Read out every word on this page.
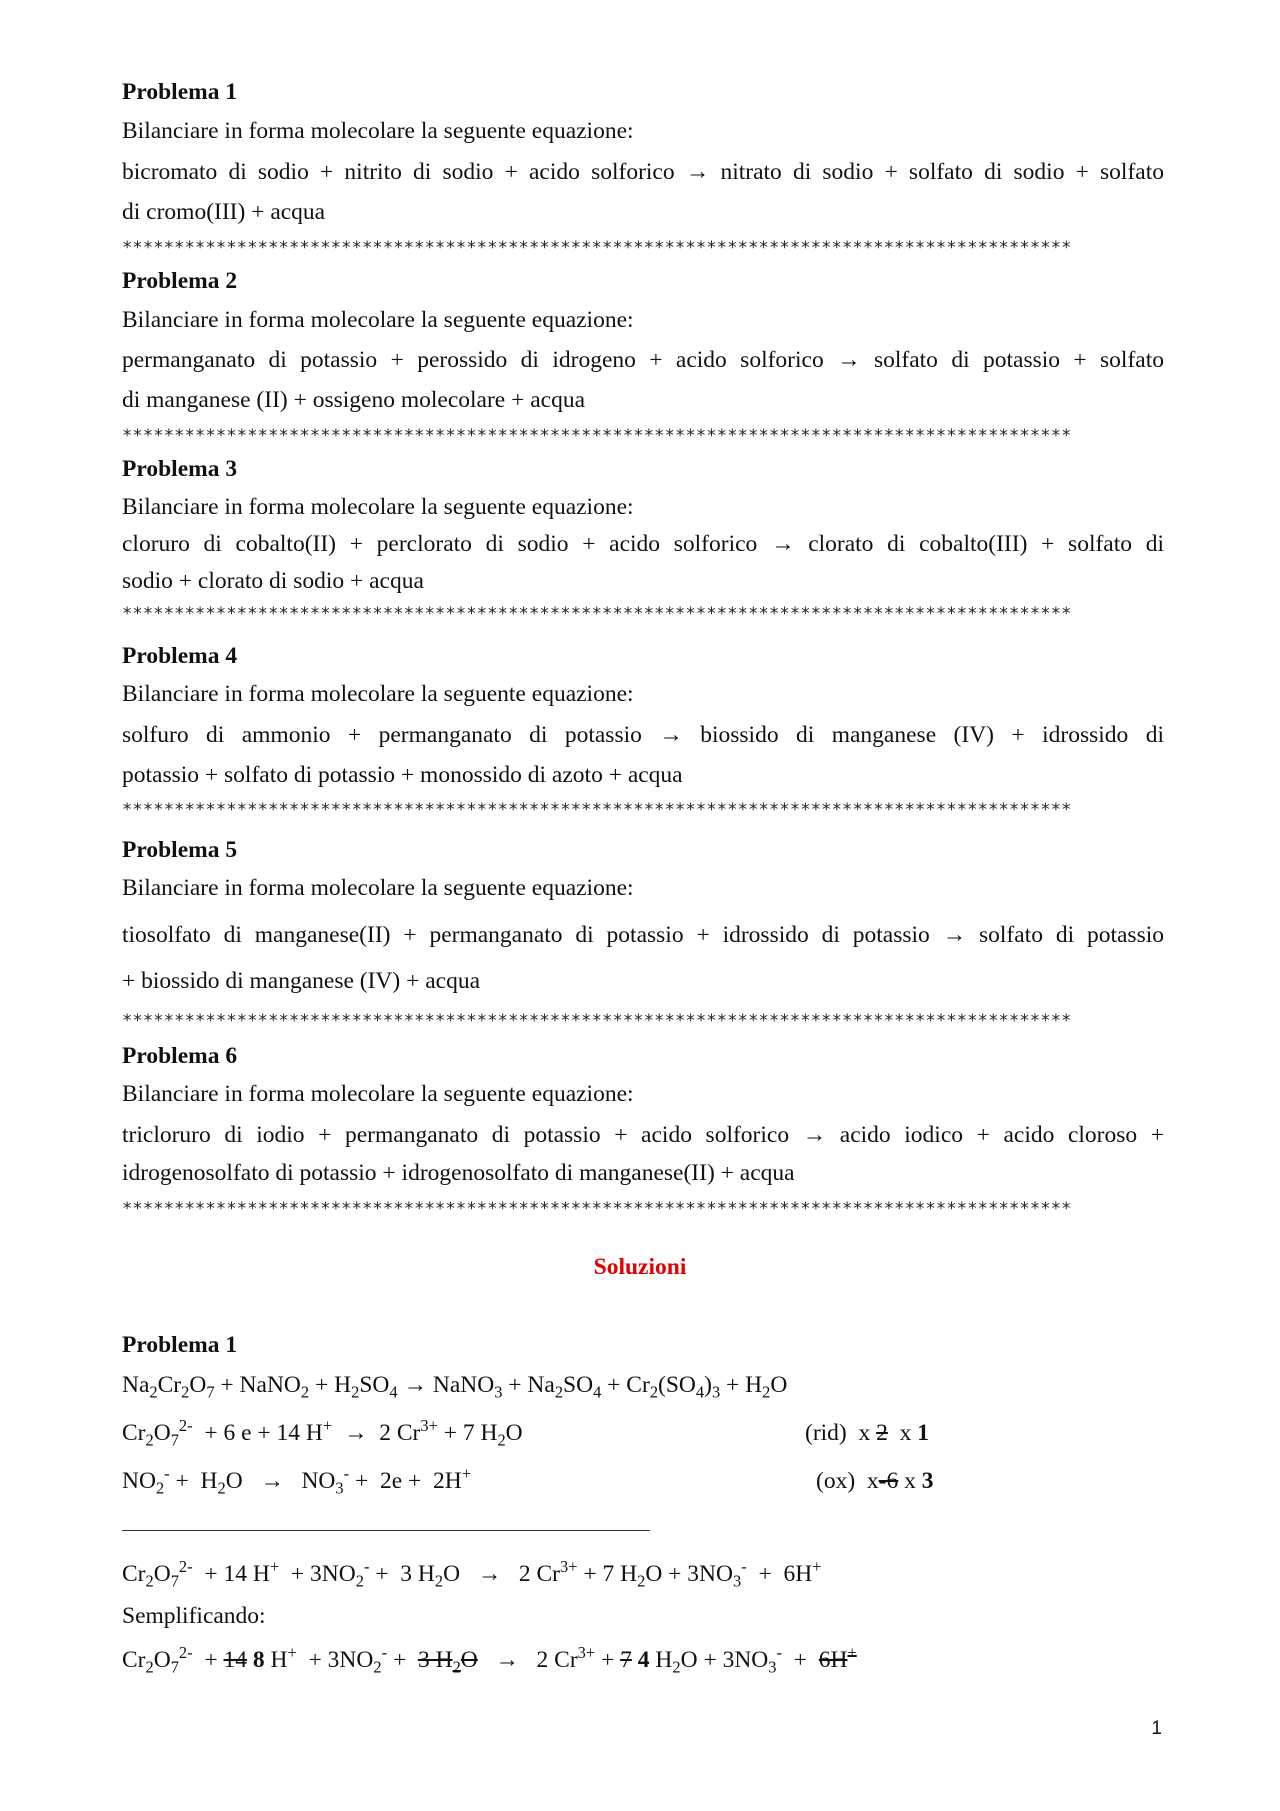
Problema 1
Bilanciare in forma molecolare la seguente equazione:
bicromato di sodio + nitrito di sodio + acido solforico → nitrato di sodio + solfato di sodio + solfato
di cromo(III) + acqua
*******************************************************************************************
Problema 2
Bilanciare in forma molecolare la seguente equazione:
permanganato di potassio + perossido di idrogeno + acido solforico → solfato di potassio + solfato
di manganese (II) + ossigeno molecolare + acqua
*******************************************************************************************
Problema 3
Bilanciare in forma molecolare la seguente equazione:
cloruro di cobalto(II) + perclorato di sodio + acido solforico → clorato di cobalto(III) + solfato di
sodio + clorato di sodio + acqua
*******************************************************************************************
Problema 4
Bilanciare in forma molecolare la seguente equazione:
solfuro di ammonio + permanganato di potassio → biossido di manganese (IV) + idrossido di
potassio + solfato di potassio + monossido di azoto + acqua
*******************************************************************************************
Problema 5
Bilanciare in forma molecolare la seguente equazione:
tiosolfato di manganese(II) + permanganato di potassio + idrossido di potassio → solfato di potassio
+ biossido di manganese (IV) + acqua
*******************************************************************************************
Problema 6
Bilanciare in forma molecolare la seguente equazione:
tricloruro di iodio + permanganato di potassio + acido solforico → acido iodico + acido cloroso +
idrogenosolfato di potassio + idrogenosolfato di manganese(II) + acqua
*******************************************************************************************
Soluzioni
Problema 1
$Na_2Cr_2O_7$ + NaNO$_2$ + $H_2SO_4$ → NaNO$_3$ + $Na_2SO_4 + Cr_2(SO_4)_3 + H_2O$
$Cr_2O_7^{2-} + 6$ e + 14 H+  →  2 $Cr^{3+} + 7$ $H_2O$	(rid)  x 2  x 1
$NO_2^- + H_2O \to NO_3^- + 2e + 2H^+$	(ox)  x-6 x 3
$Cr_2O_7^{2-} + 14$ $H^+ + 3NO_2^- + 3$ $H_2O \to 2$ $Cr^{3+} + 7$ $H_2O + 3NO_3^- + 6H^+$
Semplificando:
$Cr_2O_7^{2-} + 14$ 8 $H^+ + 3NO_2^- + 3$ $H_2O \to 2$ $Cr^{3+} + 7$ 4 $H_2O + 3NO_3^- + 6H^+$
1
